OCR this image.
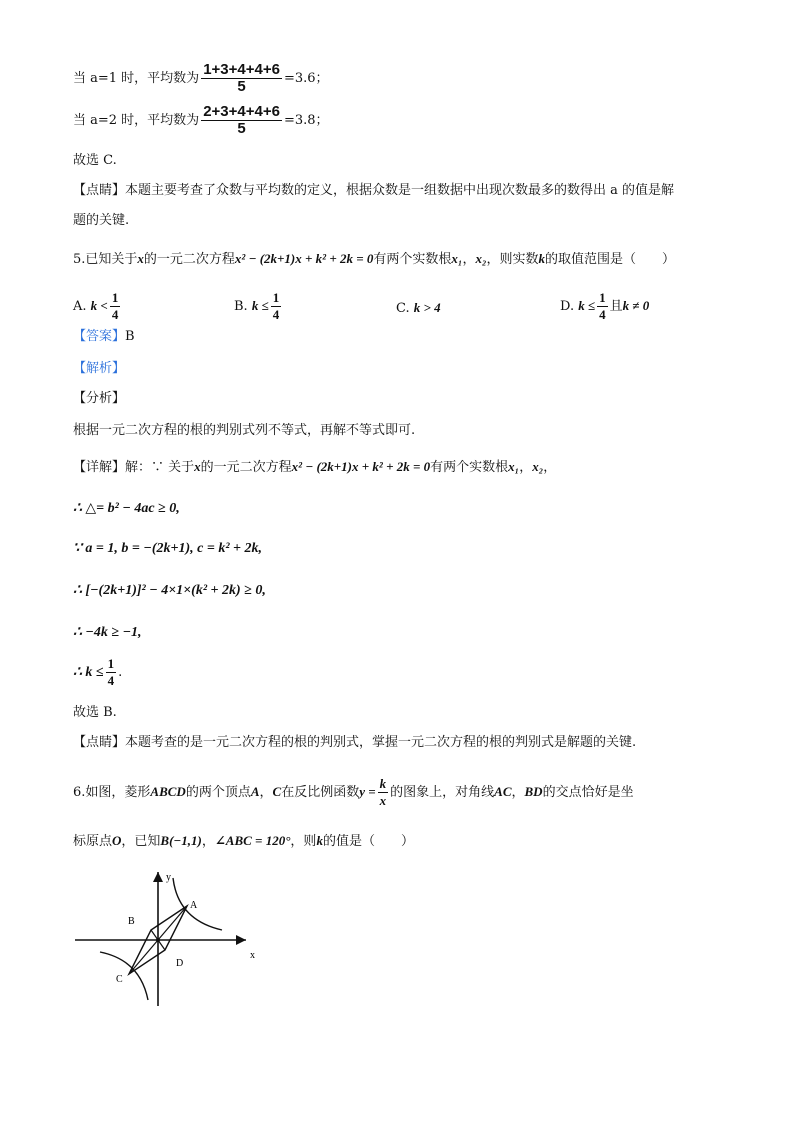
当 a=1 时，平均数为 $\frac{1+3+4+4+6}{5} =3.6$；
当 a=2 时，平均数为 $\frac{2+3+4+4+6}{5} =3.8$；
故选 C.
【点睛】本题主要考查了众数与平均数的定义，根据众数是一组数据中出现次数最多的数得出 a 的值是解
题的关键.
5.已知关于x的一元二次方程x² − (2k+1)x + k² + 2k = 0有两个实数根x₁，x₂，则实数k的取值范围是（　　）
A. $k < \frac{1}{4}$	B. $k \le \frac{1}{4}$	C. k > 4	D. $k \le \frac{1}{4}$ 且k ≠ 0
【答案】B
【解析】
【分析】
根据一元二次方程的根的判别式列不等式，再解不等式即可.
【详解】解：∵ 关于x的一元二次方程x² − (2k+1)x + k² + 2k = 0有两个实数根x₁，x₂，
∴ △= b² − 4ac ≥ 0,
∵ a = 1, b = −(2k+1), c = k² + 2k,
∴ [−(2k+1)]² − 4×1×(k² + 2k) ≥ 0,
∴ −4k ≥ −1,
∴ $k \le \frac{1}{4}$ .
故选 B.
【点睛】本题考查的是一元二次方程的根的判别式，掌握一元二次方程的根的判别式是解题的关键.
6.如图，菱形ABCD的两个顶点A，C在反比例函数$y = \frac{k}{x}$ 的图象上，对角线AC，BD的交点恰好是坐
标原点O，已知B(−1,1)，∠ABC = 120°，则k的值是（　　）
y
x
A
B
C
D
